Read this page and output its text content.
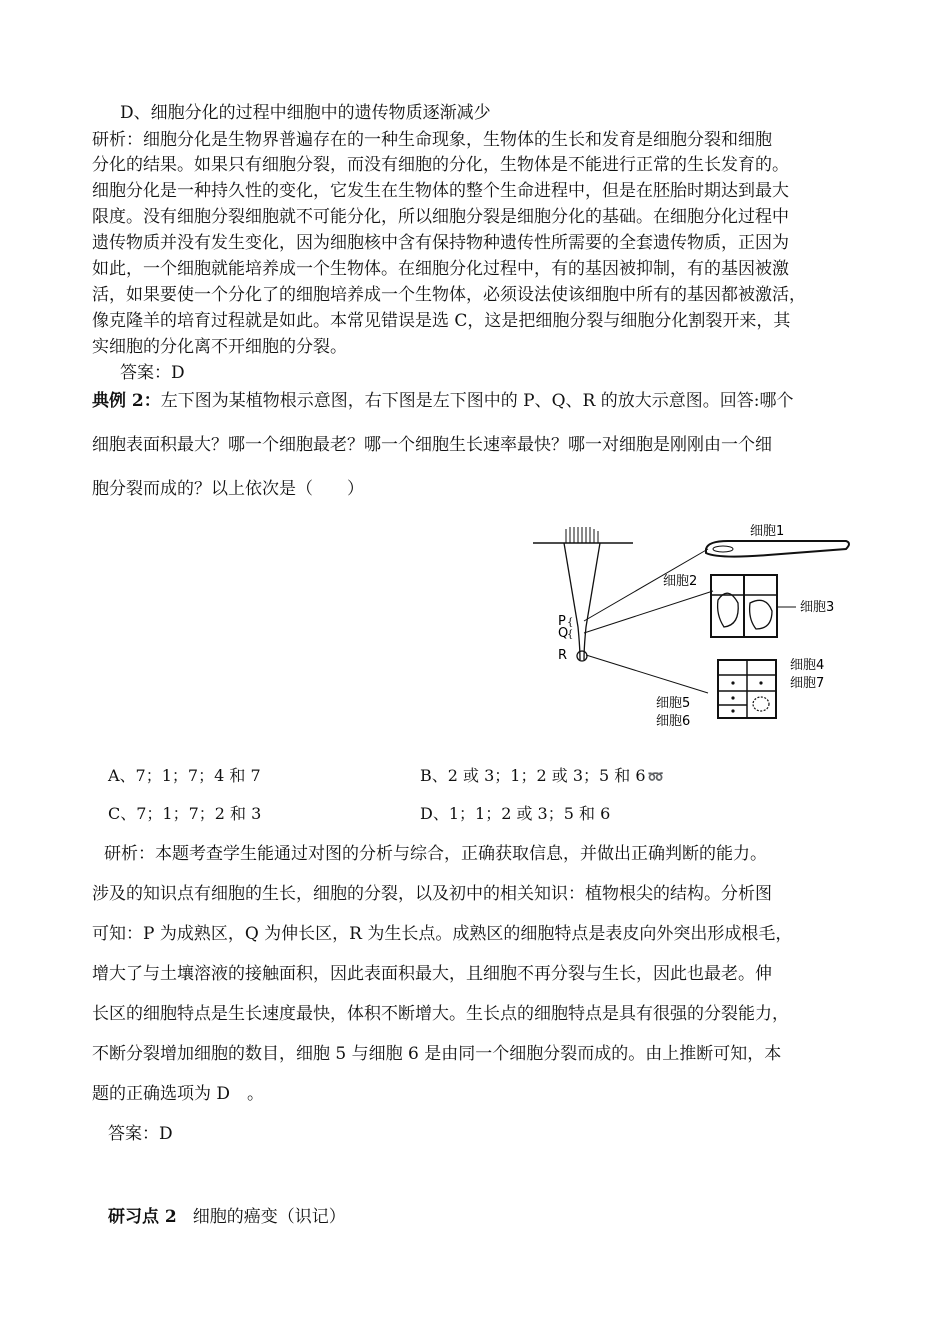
D、细胞分化的过程中细胞中的遗传物质逐渐减少
研析：细胞分化是生物界普遍存在的一种生命现象，生物体的生长和发育是细胞分裂和细胞
分化的结果。如果只有细胞分裂，而没有细胞的分化，生物体是不能进行正常的生长发育的。
细胞分化是一种持久性的变化，它发生在生物体的整个生命进程中，但是在胚胎时期达到最大
限度。没有细胞分裂细胞就不可能分化，所以细胞分裂是细胞分化的基础。在细胞分化过程中
遗传物质并没有发生变化，因为细胞核中含有保持物种遗传性所需要的全套遗传物质，正因为
如此，一个细胞就能培养成一个生物体。在细胞分化过程中，有的基因被抑制，有的基因被激
活，如果要使一个分化了的细胞培养成一个生物体，必须设法使该细胞中所有的基因都被激活，
像克隆羊的培育过程就是如此。本常见错误是选 C，这是把细胞分裂与细胞分化割裂开来，其
实细胞的分化离不开细胞的分裂。
答案：D
典例 2：左下图为某植物根示意图，右下图是左下图中的 P、Q、R 的放大示意图。回答:哪个
细胞表面积最大？哪一个细胞最老？哪一个细胞生长速率最快？哪一对细胞是刚刚由一个细
胞分裂而成的？以上依次是（　　）
P
Q
R
{
{
细胞1
细胞2
细胞3
细胞4
细胞7
细胞5
细胞6
A、7；1；7；4 和 7	B、2 或 3；1；2 或 3；5 和 6 ➿
C、7；1；7；2 和 3	D、1；1；2 或 3；5 和 6
研析：本题考查学生能通过对图的分析与综合，正确获取信息，并做出正确判断的能力。
涉及的知识点有细胞的生长，细胞的分裂，以及初中的相关知识：植物根尖的结构。分析图
可知：P 为成熟区，Q 为伸长区，R 为生长点。成熟区的细胞特点是表皮向外突出形成根毛，
增大了与土壤溶液的接触面积，因此表面积最大，且细胞不再分裂与生长，因此也最老。伸
长区的细胞特点是生长速度最快，体积不断增大。生长点的细胞特点是具有很强的分裂能力，
不断分裂增加细胞的数目，细胞 5 与细胞 6 是由同一个细胞分裂而成的。由上推断可知，本
题的正确选项为 D　。
答案：D
研习点 2 细胞的癌变（识记）
